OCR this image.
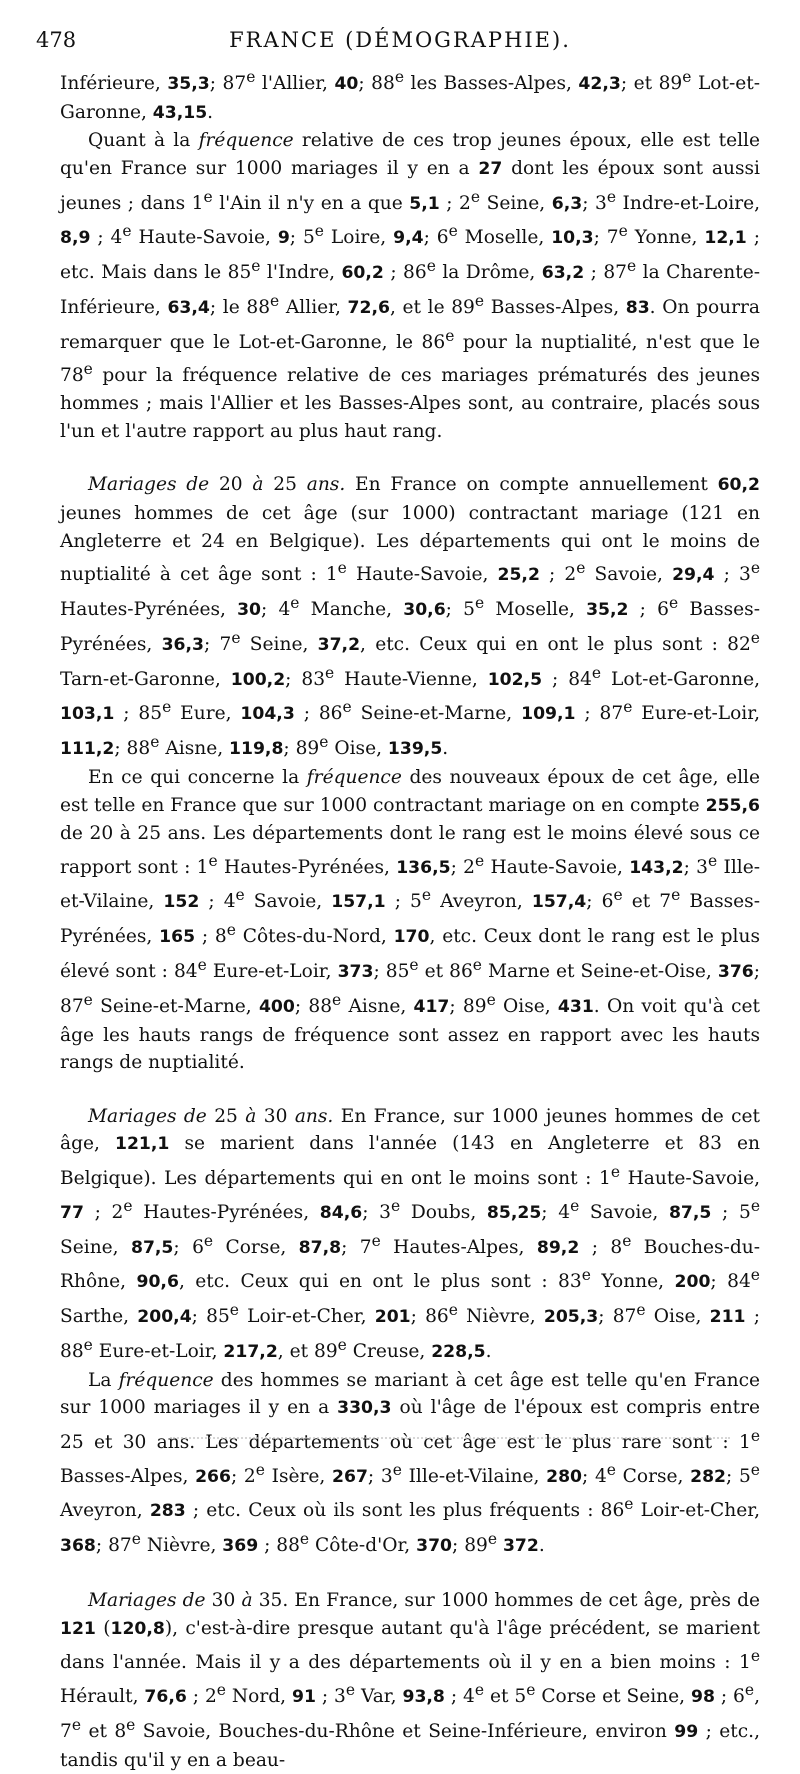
478	FRANCE (DÉMOGRAPHIE).

Inférieure, 35,3; 87e l'Allier, 40; 88e les Basses-Alpes, 42,3; et 89e Lot-et-Garonne, 43,15.

Quant à la fréquence relative de ces trop jeunes époux, elle est telle qu'en France sur 1000 mariages il y en a 27 dont les époux sont aussi jeunes ; dans 1e l'Ain il n'y en a que 5,1 ; 2e Seine, 6,3; 3e Indre-et-Loire, 8,9 ; 4e Haute-Savoie, 9; 5e Loire, 9,4; 6e Moselle, 10,3; 7e Yonne, 12,1 ; etc. Mais dans le 85e l'Indre, 60,2 ; 86e la Drôme, 63,2 ; 87e la Charente-Inférieure, 63,4; le 88e Allier, 72,6, et le 89e Basses-Alpes, 83. On pourra remarquer que le Lot-et-Garonne, le 86e pour la nuptialité, n'est que le 78e pour la fréquence relative de ces mariages prématurés des jeunes hommes ; mais l'Allier et les Basses-Alpes sont, au contraire, placés sous l'un et l'autre rapport au plus haut rang.

Mariages de 20 à 25 ans. En France on compte annuellement 60,2 jeunes hommes de cet âge (sur 1000) contractant mariage (121 en Angleterre et 24 en Belgique). Les départements qui ont le moins de nuptialité à cet âge sont : 1e Haute-Savoie, 25,2 ; 2e Savoie, 29,4 ; 3e Hautes-Pyrénées, 30; 4e Manche, 30,6; 5e Moselle, 35,2 ; 6e Basses-Pyrénées, 36,3; 7e Seine, 37,2, etc. Ceux qui en ont le plus sont : 82e Tarn-et-Garonne, 100,2; 83e Haute-Vienne, 102,5 ; 84e Lot-et-Garonne, 103,1 ; 85e Eure, 104,3 ; 86e Seine-et-Marne, 109,1 ; 87e Eure-et-Loir, 111,2; 88e Aisne, 119,8; 89e Oise, 139,5.

En ce qui concerne la fréquence des nouveaux époux de cet âge, elle est telle en France que sur 1000 contractant mariage on en compte 255,6 de 20 à 25 ans. Les départements dont le rang est le moins élevé sous ce rapport sont : 1e Hautes-Pyrénées, 136,5; 2e Haute-Savoie, 143,2; 3e Ille-et-Vilaine, 152 ; 4e Savoie, 157,1 ; 5e Aveyron, 157,4; 6e et 7e Basses-Pyrénées, 165 ; 8e Côtes-du-Nord, 170, etc. Ceux dont le rang est le plus élevé sont : 84e Eure-et-Loir, 373; 85e et 86e Marne et Seine-et-Oise, 376; 87e Seine-et-Marne, 400; 88e Aisne, 417; 89e Oise, 431. On voit qu'à cet âge les hauts rangs de fréquence sont assez en rapport avec les hauts rangs de nuptialité.

Mariages de 25 à 30 ans. En France, sur 1000 jeunes hommes de cet âge, 121,1 se marient dans l'année (143 en Angleterre et 83 en Belgique). Les départements qui en ont le moins sont : 1e Haute-Savoie, 77 ; 2e Hautes-Pyrénées, 84,6; 3e Doubs, 85,25; 4e Savoie, 87,5 ; 5e Seine, 87,5; 6e Corse, 87,8; 7e Hautes-Alpes, 89,2 ; 8e Bouches-du-Rhône, 90,6, etc. Ceux qui en ont le plus sont : 83e Yonne, 200; 84e Sarthe, 200,4; 85e Loir-et-Cher, 201; 86e Nièvre, 205,3; 87e Oise, 211 ; 88e Eure-et-Loir, 217,2, et 89e Creuse, 228,5.

La fréquence des hommes se mariant à cet âge est telle qu'en France sur 1000 mariages il y en a 330,3 où l'âge de l'époux est compris entre 25 et 30 ans. Les départements où cet âge est le plus rare sont : 1e Basses-Alpes, 266; 2e Isère, 267; 3e Ille-et-Vilaine, 280; 4e Corse, 282; 5e Aveyron, 283 ; etc. Ceux où ils sont les plus fréquents : 86e Loir-et-Cher, 368; 87e Nièvre, 369 ; 88e Côte-d'Or, 370; 89e 372.

Mariages de 30 à 35. En France, sur 1000 hommes de cet âge, près de 121 (120,8), c'est-à-dire presque autant qu'à l'âge précédent, se marient dans l'année. Mais il y a des départements où il y en a bien moins : 1e Hérault, 76,6 ; 2e Nord, 91 ; 3e Var, 93,8 ; 4e et 5e Corse et Seine, 98 ; 6e, 7e et 8e Savoie, Bouches-du-Rhône et Seine-Inférieure, environ 99 ; etc., tandis qu'il y en a beau-
